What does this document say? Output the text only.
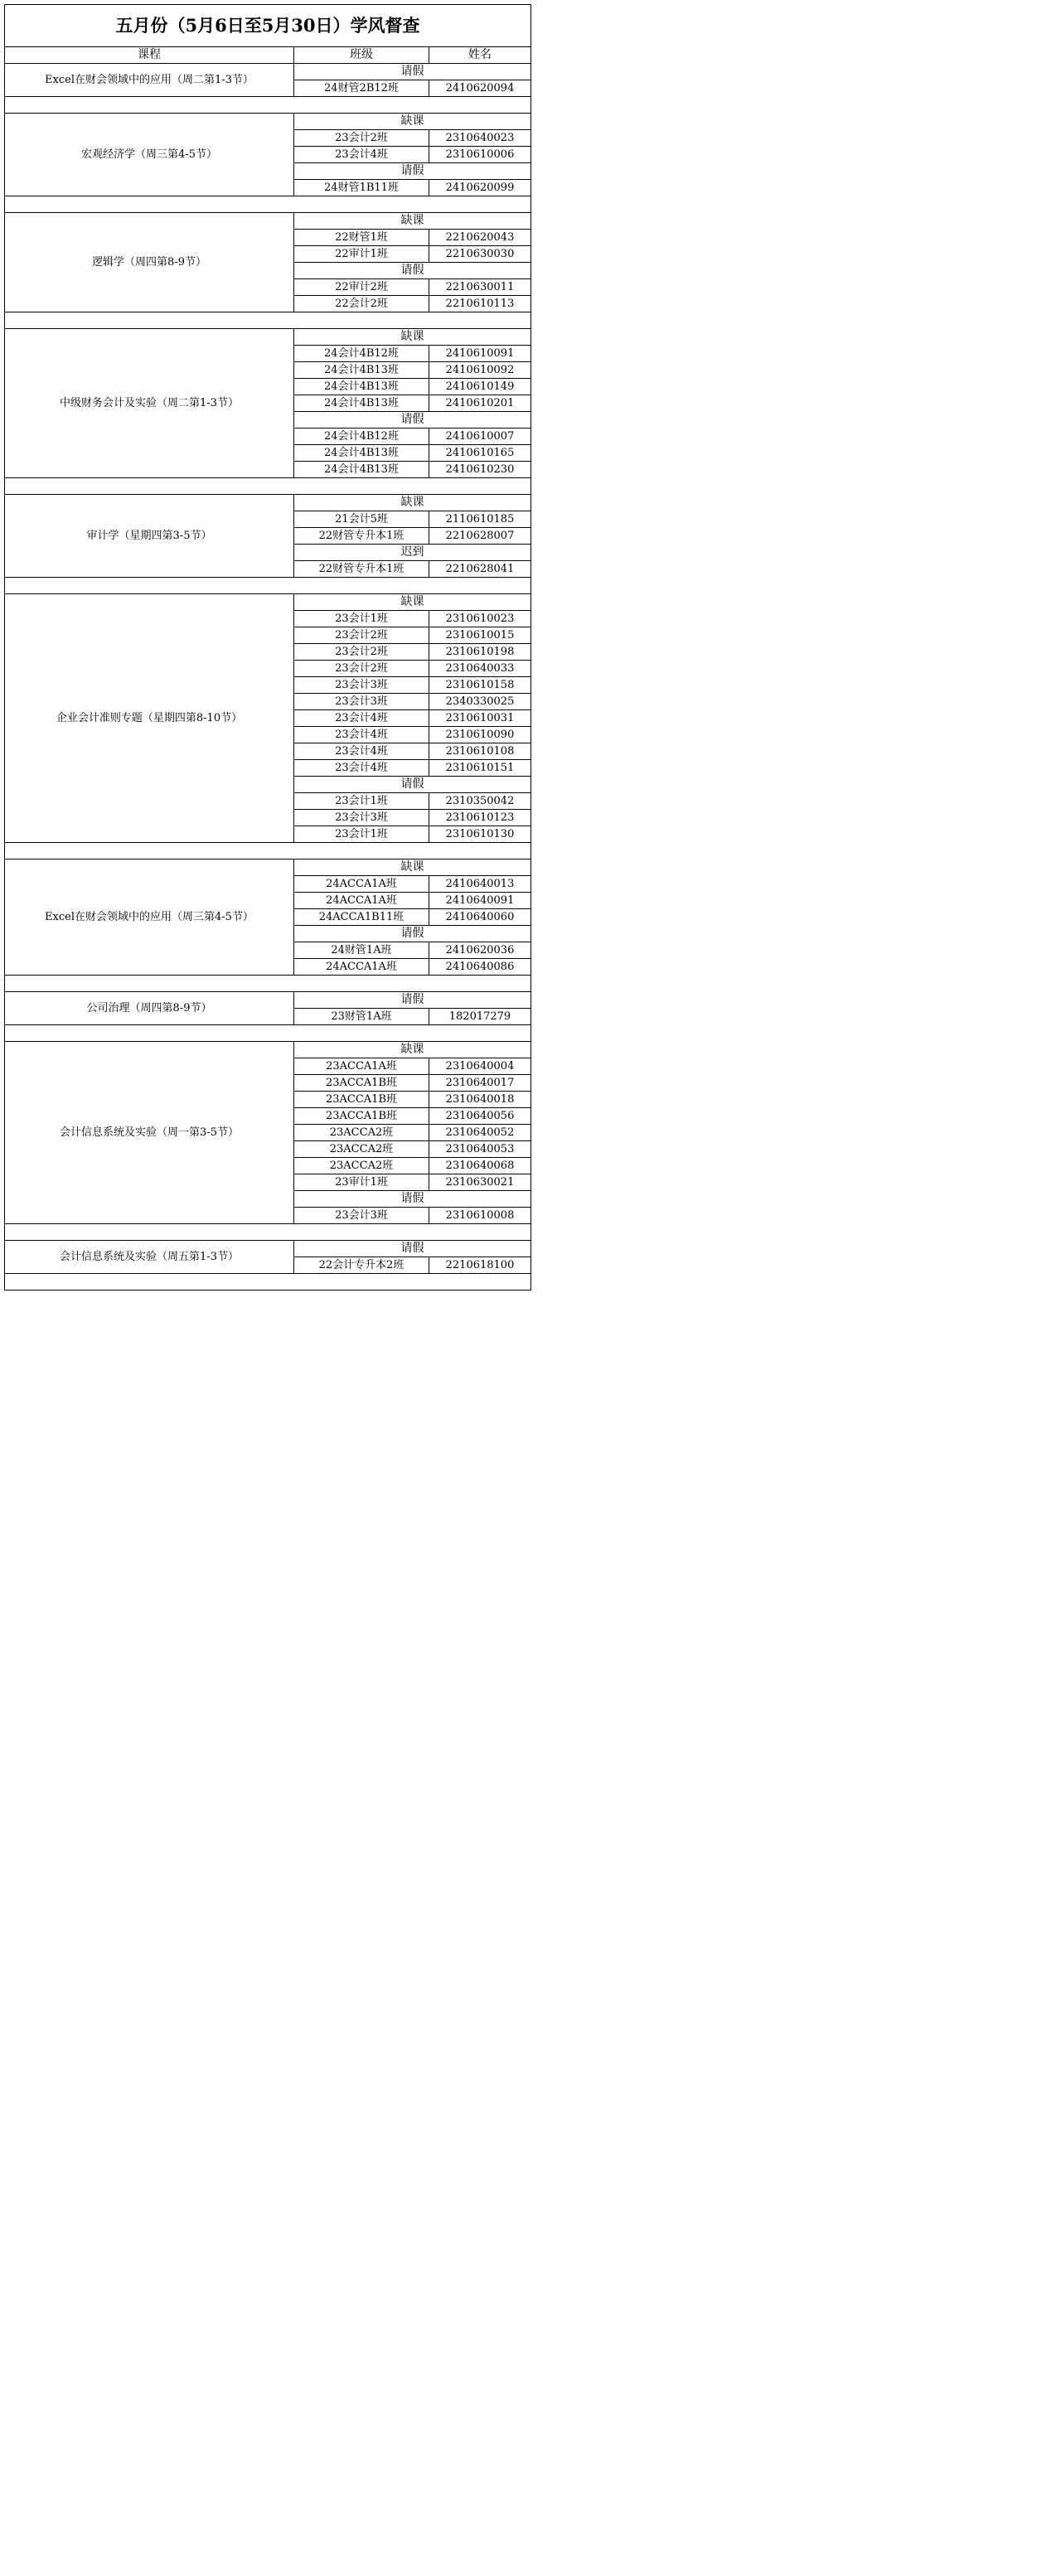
五月份（5月6日至5月30日）学风督查		
课程	班级	姓名
Excel在财会领域中的应用（周二第1-3节）	请假	
	24财管2B12班	2410620094

宏观经济学（周三第4-5节）	缺课	
	23会计2班	2310640023
	23会计4班	2310610006
	请假	
	24财管1B11班	2410620099

逻辑学（周四第8-9节）	缺课	
	22财管1班	2210620043
	22审计1班	2210630030
	请假	
	22审计2班	2210630011
	22会计2班	2210610113

中级财务会计及实验（周二第1-3节）	缺课	
	24会计4B12班	2410610091
	24会计4B13班	2410610092
	24会计4B13班	2410610149
	24会计4B13班	2410610201
	请假	
	24会计4B12班	2410610007
	24会计4B13班	2410610165
	24会计4B13班	2410610230

审计学（星期四第3-5节）	缺课	
	21会计5班	2110610185
	22财管专升本1班	2210628007
	迟到	
	22财管专升本1班	2210628041

企业会计准则专题（星期四第8-10节）	缺课	
	23会计1班	2310610023
	23会计2班	2310610015
	23会计2班	2310610198
	23会计2班	2310640033
	23会计3班	2310610158
	23会计3班	2340330025
	23会计4班	2310610031
	23会计4班	2310610090
	23会计4班	2310610108
	23会计4班	2310610151
	请假	
	23会计1班	2310350042
	23会计3班	2310610123
	23会计1班	2310610130

Excel在财会领域中的应用（周三第4-5节）	缺课	
	24ACCA1A班	2410640013
	24ACCA1A班	2410640091
	24ACCA1B11班	2410640060
	请假	
	24财管1A班	2410620036
	24ACCA1A班	2410640086

公司治理（周四第8-9节）	请假	
	23财管1A班	182017279

会计信息系统及实验（周一第3-5节）	缺课	
	23ACCA1A班	2310640004
	23ACCA1B班	2310640017
	23ACCA1B班	2310640018
	23ACCA1B班	2310640056
	23ACCA2班	2310640052
	23ACCA2班	2310640053
	23ACCA2班	2310640068
	23审计1班	2310630021
	请假	
	23会计3班	2310610008

会计信息系统及实验（周五第1-3节）	请假	
	22会计专升本2班	2210618100
